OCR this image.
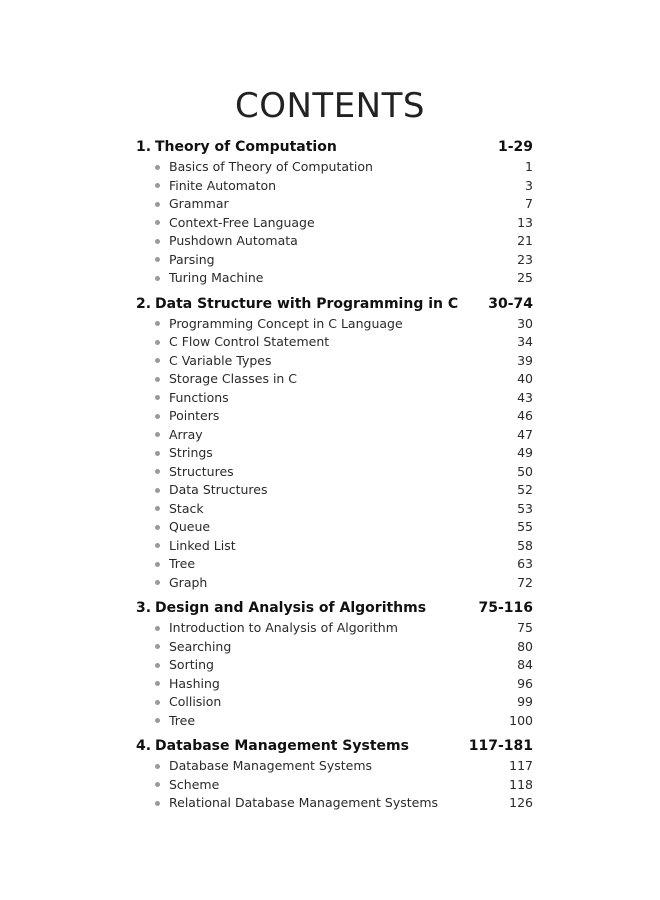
CONTENTS
1. Theory of Computation	1-29
Basics of Theory of Computation	1
Finite Automaton	3
Grammar	7
Context-Free Language	13
Pushdown Automata	21
Parsing	23
Turing Machine	25
2. Data Structure with Programming in C 30-74
Programming Concept in C Language	30
C Flow Control Statement	34
C Variable Types	39
Storage Classes in C	40
Functions	43
Pointers	46
Array	47
Strings	49
Structures	50
Data Structures	52
Stack	53
Queue	55
Linked List	58
Tree	63
Graph	72
3. Design and Analysis of Algorithms	75-116
Introduction to Analysis of Algorithm	75
Searching	80
Sorting	84
Hashing	96
Collision	99
Tree	100
4. Database Management Systems	117-181
Database Management Systems	117
Scheme	118
Relational Database Management Systems	126
